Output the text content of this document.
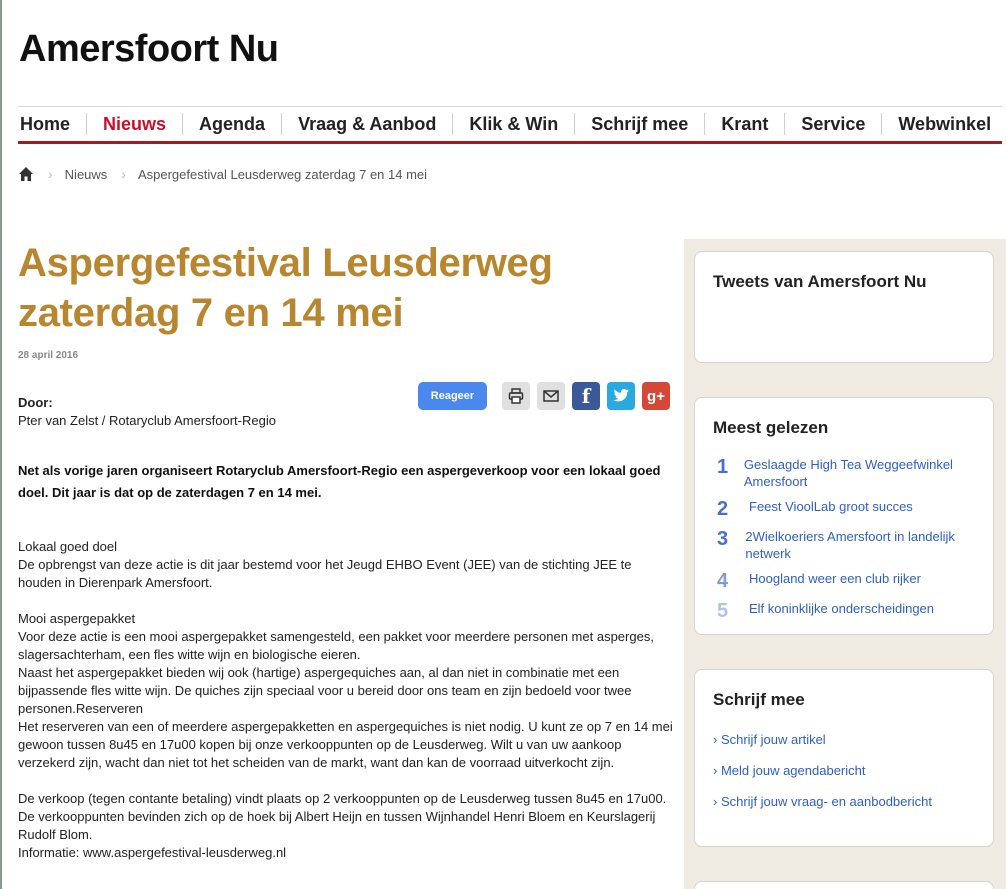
Amersfoort Nu
Home	Nieuws	Agenda	Vraag & Aanbod	Klik & Win	Schrijf mee	Krant	Service	Webwinkel
› Nieuws › Aspergefestival Leusderweg zaterdag 7 en 14 mei
Aspergefestival Leusderweg zaterdag 7 en 14 mei
28 april 2016
Door:
Pter van Zelst / Rotaryclub Amersfoort-Regio
Reageer	f	g+
Net als vorige jaren organiseert Rotaryclub Amersfoort-Regio een aspergeverkoop voor een lokaal goed doel. Dit jaar is dat op de zaterdagen 7 en 14 mei.

Lokaal goed doel

De opbrengst van deze actie is dit jaar bestemd voor het Jeugd EHBO Event (JEE) van de stichting JEE te houden in Dierenpark Amersfoort.

Mooi aspergepakket

Voor deze actie is een mooi aspergepakket samengesteld, een pakket voor meerdere personen met asperges, slagersachterham, een fles witte wijn en biologische eieren.

Naast het aspergepakket bieden wij ook (hartige) aspergequiches aan, al dan niet in combinatie met een bijpassende fles witte wijn. De quiches zijn speciaal voor u bereid door ons team en zijn bedoeld voor twee personen.Reserveren

Het reserveren van een of meerdere aspergepakketten en aspergequiches is niet nodig. U kunt ze op 7 en 14 mei gewoon tussen 8u45 en 17u00 kopen bij onze verkooppunten op de Leusderweg. Wilt u van uw aankoop verzekerd zijn, wacht dan niet tot het scheiden van de markt, want dan kan de voorraad uitverkocht zijn.

De verkoop (tegen contante betaling) vindt plaats op 2 verkooppunten op de Leusderweg tussen 8u45 en 17u00. De verkooppunten bevinden zich op de hoek bij Albert Heijn en tussen Wijnhandel Henri Bloem en Keurslagerij Rudolf Blom.

Informatie: www.aspergefestival-leusderweg.nl

Tweets van Amersfoort Nu
Meest gelezen
1	Geslaagde High Tea Weggeefwinkel Amersfoort
2	Feest VioolLab groot succes
3	2Wielkoeriers Amersfoort in landelijk netwerk
4	Hoogland weer een club rijker
5	Elf koninklijke onderscheidingen
Schrijf mee
› Schrijf jouw artikel
› Meld jouw agendabericht
› Schrijf jouw vraag- en aanbodbericht
